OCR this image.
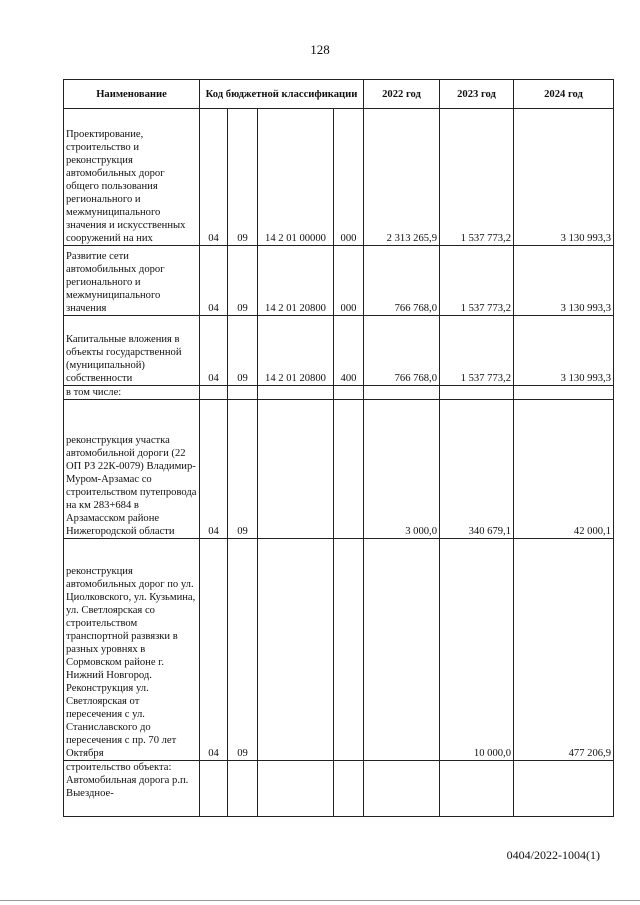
128
Наименование	Код бюджетной классификации				2022 год	2023 год	2024 год
Проектирование, строительство и реконструкция автомобильных дорог общего пользования регионального и межмуниципального значения и искусственных сооружений на них	04	09	14 2 01 00000	000	2 313 265,9	1 537 773,2	3 130 993,3
Развитие сети автомобильных дорог регионального и межмуниципального значения	04	09	14 2 01 20800	000	766 768,0	1 537 773,2	3 130 993,3
Капитальные вложения в объекты государственной (муниципальной) собственности	04	09	14 2 01 20800	400	766 768,0	1 537 773,2	3 130 993,3
в том числе:							
реконструкция участка автомобильной дороги (22 ОП РЗ 22К-0079) Владимир-Муром-Арзамас со строительством путепровода на км 283+684 в Арзамасском районе Нижегородской области	04	09			3 000,0	340 679,1	42 000,1
реконструкция автомобильных дорог по ул. Циолковского, ул. Кузьмина, ул. Светлоярская со строительством транспортной развязки в разных уровнях в Сормовском районе г. Нижний Новгород. Реконструкция ул. Светлоярская от пересечения с ул. Станиславского до пересечения с пр. 70 лет Октября	04	09				10 000,0	477 206,9
строительство объекта: Автомобильная дорога р.п. Выездное-							
0404/2022-1004(1)
